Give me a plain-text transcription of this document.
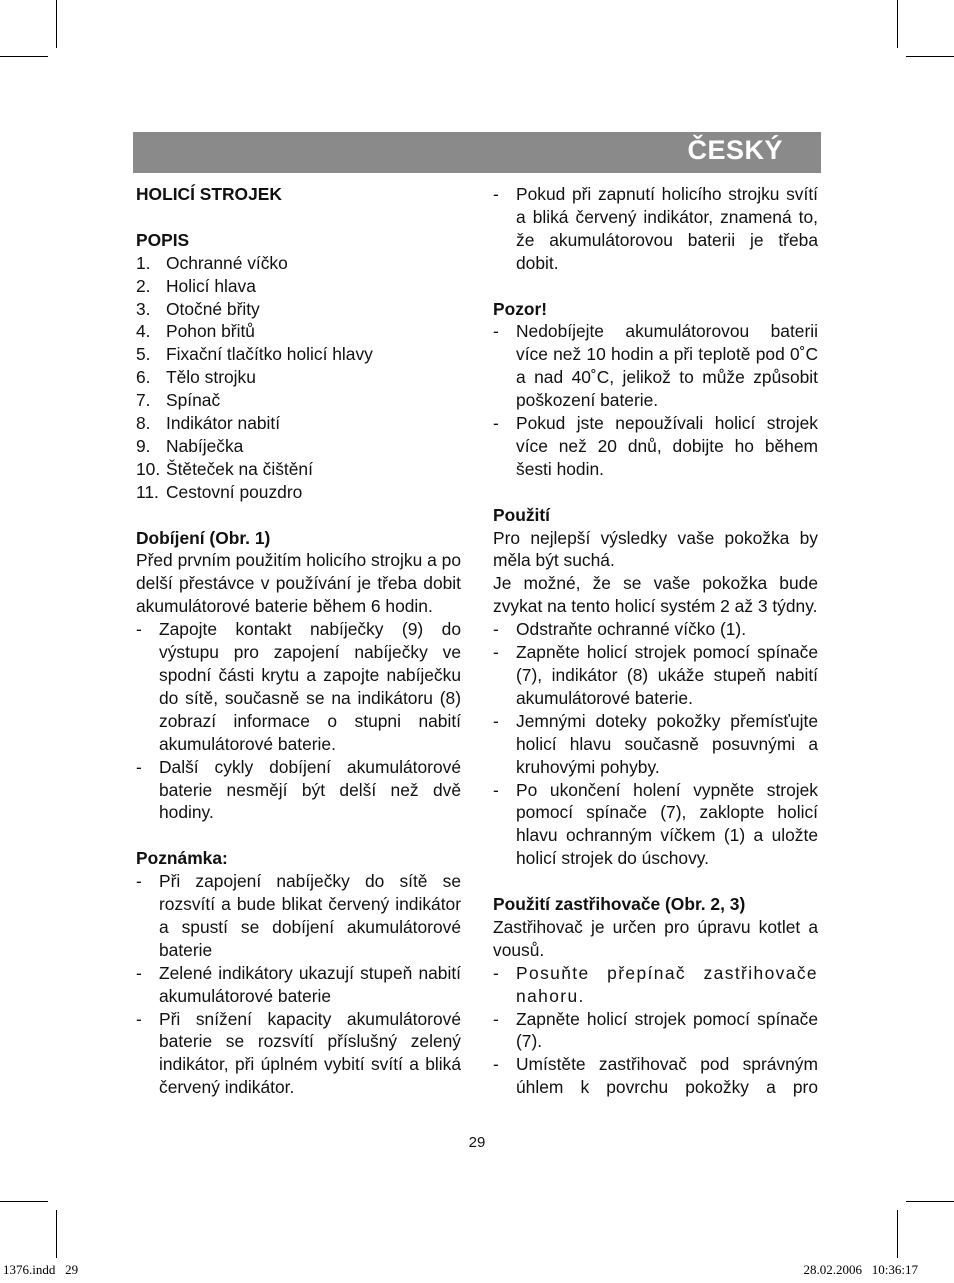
ČESKÝ

HOLICÍ STROJEK

POPIS

1. Ochranné víčko
2. Holicí hlava
3. Otočné břity
4. Pohon břitů
5. Fixační tlačítko holicí hlavy
6. Tělo strojku
7. Spínač
8. Indikátor nabití
9. Nabíječka
10. Štěteček na čištění
11. Cestovní pouzdro

Dobíjení (Obr. 1)

Před prvním použitím holicího strojku a po delší přestávce v používání je třeba dobit akumulátorové baterie během 6 hodin.

- Zapojte kontakt nabíječky (9) do výstupu pro zapojení nabíječky ve spodní části krytu a zapojte nabíječku do sítě, současně se na indikátoru (8) zobrazí informace o stupni nabití akumulátorové baterie.
- Další cykly dobíjení akumulátorové baterie nesmějí být delší než dvě hodiny.

Poznámka:

- Při zapojení nabíječky do sítě se rozsvítí a bude blikat červený indikátor a spustí se dobíjení akumulátorové baterie
- Zelené indikátory ukazují stupeň nabití akumulátorové baterie
- Při snížení kapacity akumulátorové baterie se rozsvítí příslušný zelený indikátor, při úplném vybití svítí a bliká červený indikátor.
- Pokud při zapnutí holicího strojku svítí a bliká červený indikátor, znamená to, že akumulátorovou baterii je třeba dobit.

Pozor!

- Nedobíjejte akumulátorovou baterii více než 10 hodin a při teplotě pod 0˚C a nad 40˚C, jelikož to může způsobit poškození baterie.
- Pokud jste nepoužívali holicí strojek více než 20 dnů, dobijte ho během šesti hodin.

Použití

Pro nejlepší výsledky vaše pokožka by měla být suchá.

Je možné, že se vaše pokožka bude zvykat na tento holicí systém 2 až 3 týdny.

- Odstraňte ochranné víčko (1).
- Zapněte holicí strojek pomocí spínače (7), indikátor (8) ukáže stupeň nabití akumulátorové baterie.
- Jemnými doteky pokožky přemísťujte holicí hlavu současně posuvnými a kruhovými pohyby.
- Po ukončení holení vypněte strojek pomocí spínače (7), zaklopte holicí hlavu ochranným víčkem (1) a uložte holicí strojek do úschovy.

Použití zastřihovače (Obr. 2, 3)

Zastřihovač je určen pro úpravu kotlet a vousů.

- Posuňte přepínač zastřihovače nahoru.
- Zapněte holicí strojek pomocí spínače (7).
- Umístěte zastřihovač pod správným úhlem k povrchu pokožky a pro
29
1376.indd   29	28.02.2006   10:36:17
